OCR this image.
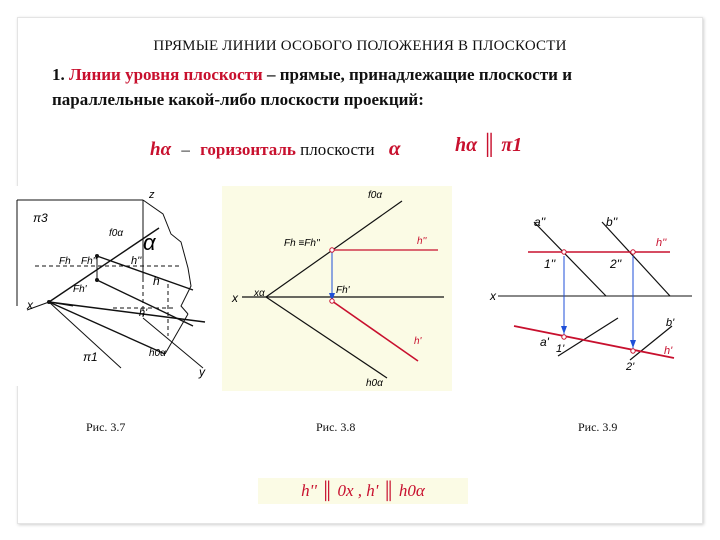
ПРЯМЫЕ ЛИНИИ ОСОБОГО ПОЛОЖЕНИЯ В ПЛОСКОСТИ
1. Линии уровня плоскости – прямые, принадлежащие плоскости и
параллельные какой-либо плоскости проекций:
hα – горизонталь плоскости α	hα ║ π1
z
π3
f0α α
Fh Fh''	h''
h
Fh'
x
h'
π1	h0α
y
f0α
Fh ≡Fh''	h''
x xα	Fh'
h'
h0α
a''	b''
h''
1''	2''
x
b'
a' 1'	h'
2'
Рис. 3.7	Рис. 3.8	Рис. 3.9
h'' ║ 0x , h' ║ h0α
